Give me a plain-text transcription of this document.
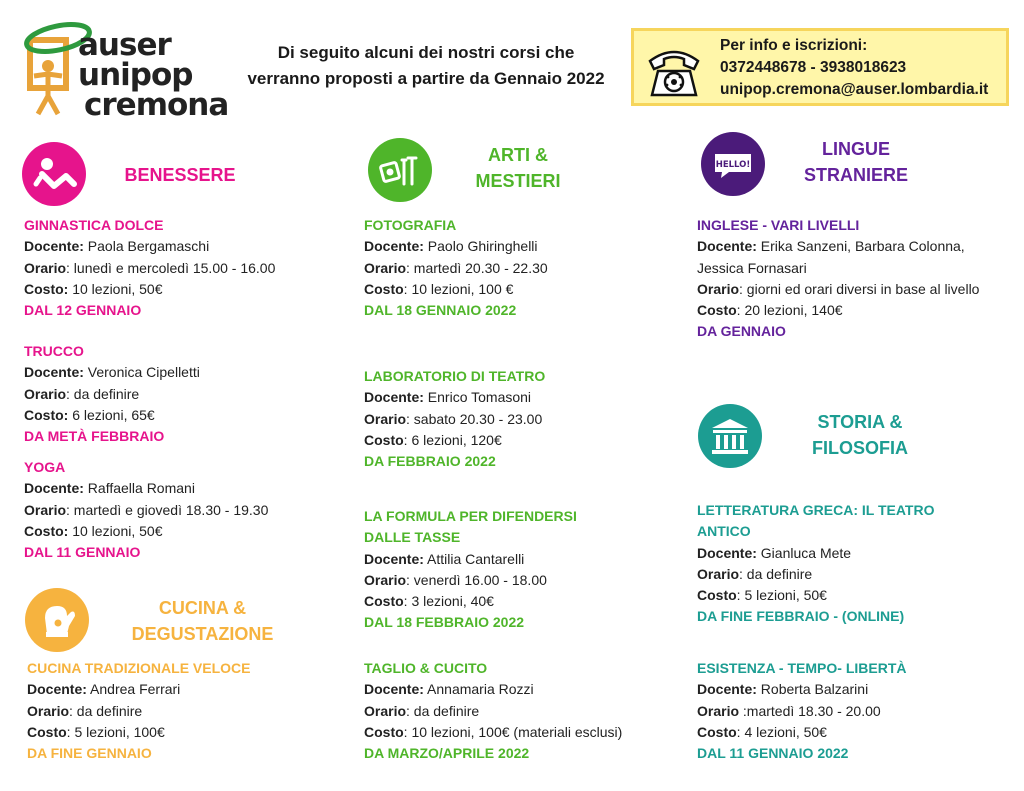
auser
unipop
cremona
Di seguito alcuni dei nostri corsi che
verranno proposti a partire da Gennaio 2022
Per info e iscrizioni:
0372448678 - 3938018623
unipop.cremona@auser.lombardia.it
BENESSERE
GINNASTICA DOLCE
Docente: Paola Bergamaschi
Orario: lunedì e mercoledì 15.00 - 16.00
Costo: 10 lezioni, 50€
DAL 12 GENNAIO
TRUCCO
Docente: Veronica Cipelletti
Orario: da definire
Costo: 6 lezioni, 65€
DA METÀ FEBBRAIO
YOGA
Docente: Raffaella Romani
Orario: martedì e giovedì 18.30 - 19.30
Costo: 10 lezioni, 50€
DAL 11 GENNAIO
CUCINA &
DEGUSTAZIONE
CUCINA TRADIZIONALE VELOCE
Docente: Andrea Ferrari
Orario: da definire
Costo: 5 lezioni, 100€
DA FINE GENNAIO
ARTI &
MESTIERI
FOTOGRAFIA
Docente: Paolo Ghiringhelli
Orario: martedì 20.30 - 22.30
Costo: 10 lezioni, 100 €
DAL 18 GENNAIO 2022
LABORATORIO DI TEATRO
Docente: Enrico Tomasoni
Orario: sabato 20.30 - 23.00
Costo: 6 lezioni, 120€
DA FEBBRAIO 2022
LA FORMULA PER DIFENDERSI
DALLE TASSE
Docente: Attilia Cantarelli
Orario: venerdì 16.00 - 18.00
Costo: 3 lezioni, 40€
DAL 18 FEBBRAIO 2022
TAGLIO & CUCITO
Docente: Annamaria Rozzi
Orario: da definire
Costo: 10 lezioni, 100€ (materiali esclusi)
DA MARZO/APRILE 2022
HELLO!
LINGUE
STRANIERE
INGLESE - VARI LIVELLI
Docente: Erika Sanzeni, Barbara Colonna,
Jessica Fornasari
Orario: giorni ed orari diversi in base al livello
Costo: 20 lezioni, 140€
DA GENNAIO
STORIA &
FILOSOFIA
LETTERATURA GRECA: IL TEATRO
ANTICO
Docente: Gianluca Mete
Orario: da definire
Costo: 5 lezioni, 50€
DA FINE FEBBRAIO - (ONLINE)
ESISTENZA - TEMPO- LIBERTÀ
Docente: Roberta Balzarini
Orario :martedì 18.30 - 20.00
Costo: 4 lezioni, 50€
DAL 11 GENNAIO 2022
